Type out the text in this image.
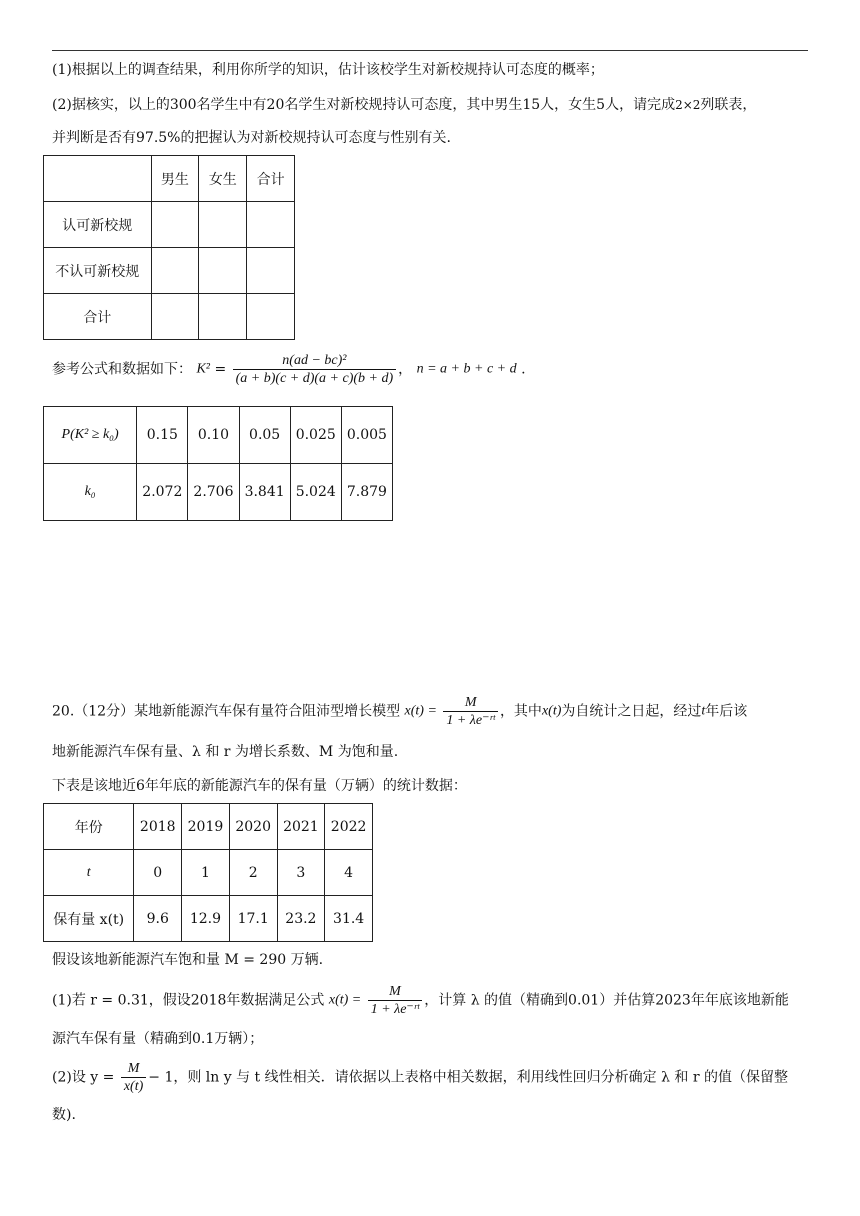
(1)根据以上的调查结果，利用你所学的知识，估计该校学生对新校规持认可态度的概率；
(2)据核实，以上的300名学生中有20名学生对新校规持认可态度，其中男生15人，女生5人，请完成2×2列联表，
并判断是否有97.5%的把握认为对新校规持认可态度与性别有关.
	男生	女生	合计
认可新校规			
不认可新校规			
合计			
参考公式和数据如下： $K^2 = \frac{\text{n(ad − bc)²}}{(a + b)(c + d)(a + c)(b + d)}$ ， n = a + b + c + d .
P(K² ≥ k₀)	0.15	0.10	0.05	0.025	0.005
k₀	2.072	2.706	3.841	5.024	7.879
20.（12分）某地新能源汽车保有量符合阻沛型增长模型 $x(t) = \frac{M}{\text{1 + λe⁻ʳᵗ}}$ ，其中x(t)为自统计之日起，经过t年后该
地新能源汽车保有量、λ 和 r 为增长系数、M 为饱和量.
下表是该地近6年年底的新能源汽车的保有量（万辆）的统计数据：
年份	2018	2019	2020	2021	2022
t	0	1	2	3	4
保有量 x(t)	9.6	12.9	17.1	23.2	31.4
假设该地新能源汽车饱和量 M = 290 万辆.
(1)若 r = 0.31，假设2018年数据满足公式 $x(t) = \frac{M}{\text{1 + λe⁻ʳᵗ}}$ ，计算 λ 的值（精确到0.01）并估算2023年年底该地新能
源汽车保有量（精确到0.1万辆）；
(2)设 $y = \frac{M}{x(t)} - 1$，则 ln y 与 t 线性相关．请依据以上表格中相关数据，利用线性回归分析确定 λ 和 r 的值（保留整
数).
